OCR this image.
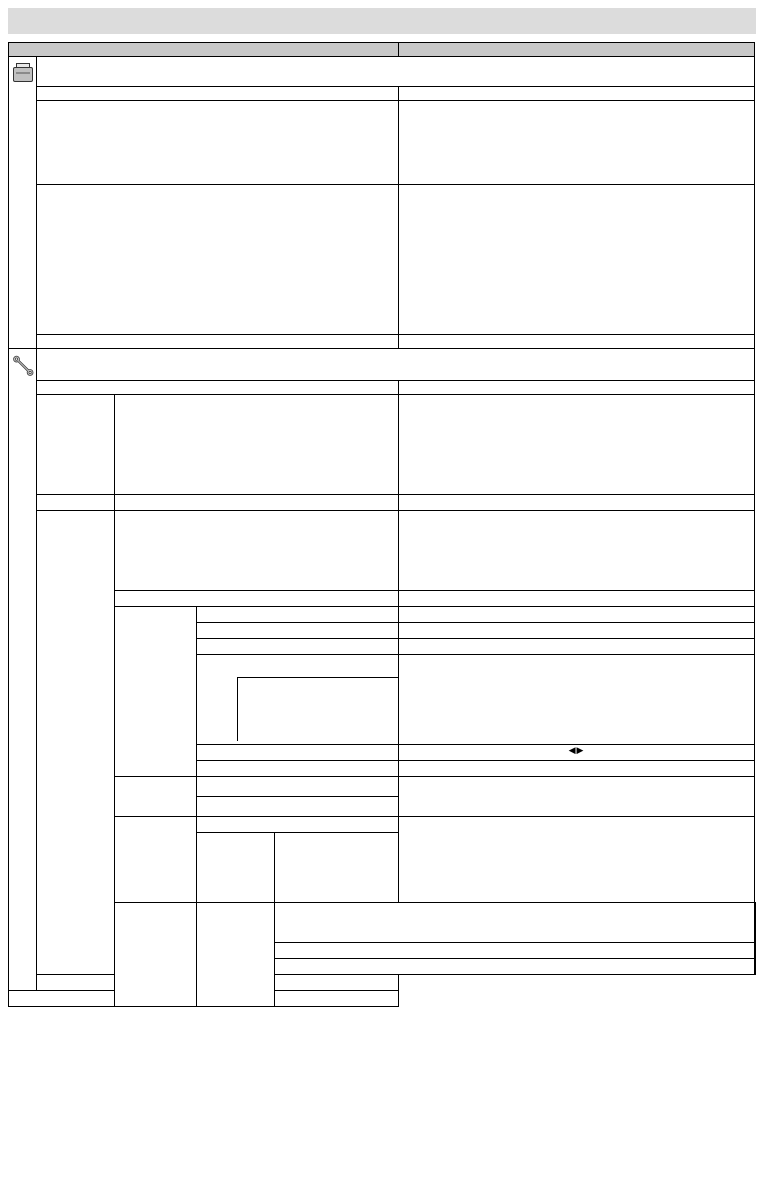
	◀▶
